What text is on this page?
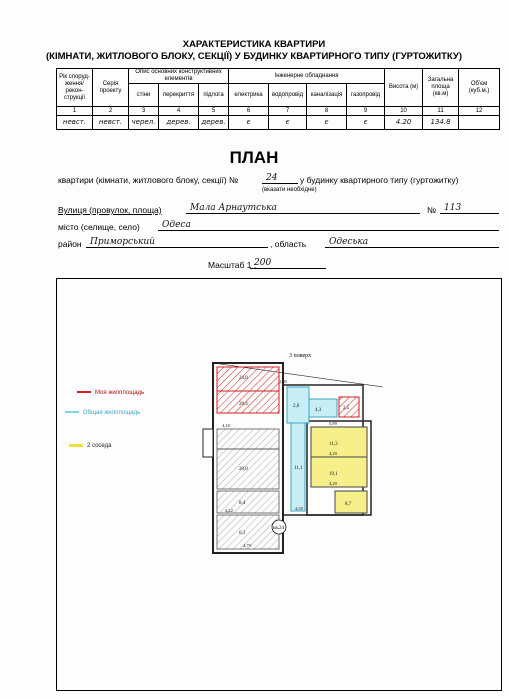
ХАРАКТЕРИСТИКА КВАРТИРИ
(КІМНАТИ, ЖИТЛОВОГО БЛОКУ, СЕКЦІЇ) У БУДИНКУ КВАРТИРНОГО ТИПУ (ГУРТОЖИТКУ)
Рік споруд-ження/ рекон-струкції	Серія проекту	Опис основних конструктивних елементів			Інженерне обладнання				Висота (м)	Загальна площа (кв.м)	Об'єм (куб.м.)
		стіни	перекриття	підлога	електрика	водопровід	каналізація	газопровід			
1	2	3	4	5	6	7	8	9	10	11	12
невст.	невст.	черел.	дерев.	дерев.	є	є	є	є	4.20	134.8	
ПЛАН
квартири (кімнати, житлового блоку, секції) №	24	у будинку квартирного типу (гуртожитку)
(вказати необхідне)
Вулиця (провулок, площа)	Мала Арнаутська	№ 113
місто (селище, село)	Одеса
район Приморський	, область	Одеська
Масштаб 1 :
200
Моя жилплощадь
Общая жилплощадь
2 соседа
3 поверх
24,8
20,4
20,8
8,4
6,3
2,0
11,3
19,1
8,7
11,1
2,5
4,3
4,10	5,89
4,29
4,29
4,22	4,50
4,79
2,95
кв.24
